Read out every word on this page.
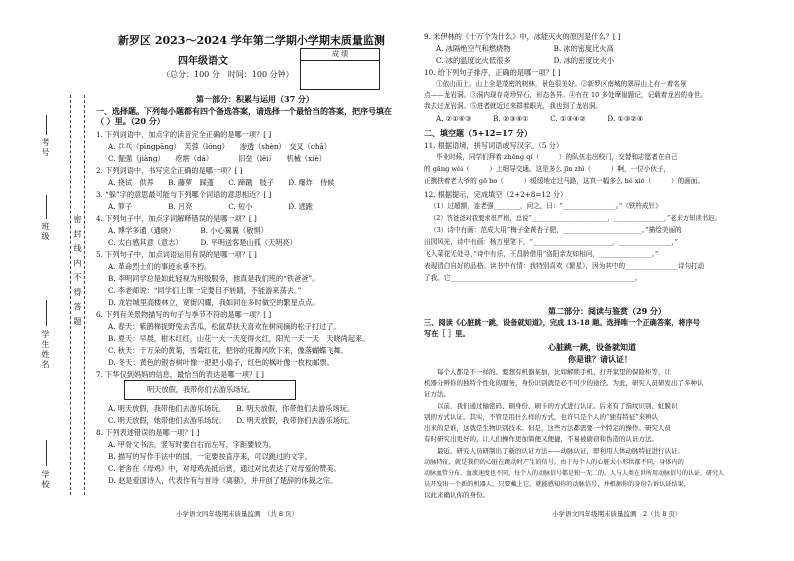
密 封 线 内 不 得 答 题
考号
班级
学生姓名
学校
新罗区 2023～2024 学年第二学期小学期末质量监测
四年级语文
成 绩
（总分：100 分　时间：100 分钟）
第一部分：积累与运用（37 分）
一、选择题。下列每小题都有四个备选答案，请选择一个最恰当的答案，把序号填在（ ）里。（20 分）
1. 下列词语中，加点字的读音完全正确的是哪一项？[ ]
A. 乒乓（pīngpāng）　芙蓉（lóng）　　渗透（shèn）　交叉（chā）
C. 倔强（jiàng）　　疙瘩（dá）　　　　旧垒（lěi）　　机械（xiè）
2. 下列词语中，书写完全正确的是哪一项？[ ]
A. 挠试　供养　　B. 藤萝　踩蓬　　C. 蹄蹴　肢子　　D. 爆炸　侍候
3. “躲”字的意思最可能与下列哪个词语的意思相近？[ ]
A. 箩子　　　　　B. 月亮　　　　　C. 短小　　　　　D. 逃跑
4. 下列句子中，加点字词解释错误的是哪一项？[ ]
A. 博学多通（通晓）　　　　B. 小心翼翼（敬惧）
C. 太白感其意（意志）　　　D. 平明送客楚山孤（天明亮）
5. 下列句子中，加点词语运用有误的是哪一项？[ ]
A. 革命烈士们的事迹永垂不朽。
B. 李明同学总是如此轻视为班级服务，他真是我们班的“铁爸爸”。
C. 李老师说：“同学们上课一定要目不转睛，不能游来荡去。”
D. 龙岩城里高楼林立，宽街闪耀，我如同在多时做空的繁星点点。
6. 下列有关景物描写的句子与季节不符的是哪一项？[ ]
A. 春天：紫鹊梯捉野兔去苦瓜，松鼠草扶天喜欢在树间摘的松子打过了。
B. 夏天：早晨，柑木红红，山花一大一天变得火红，阳光一天一天　天晓尚起来。
C. 秋天：千万朵的黄菊，雪菊红花，把你的花瓣风吹下来，像落蝴蝶飞舞。
D. 冬天：黄色的银杏树叶像一把把小扇子，红色的枫叶像一枚枚邮票。
7. 下华仅到妈妈的信息，最恰当的表达是哪一项？[ ]
明天放假，我带你们去游乐场玩。
A. 明天放假，我带他们去游乐场玩。　　B. 明天放假，你带他们去游乐场玩。
C. 明天放假，她带他们去游乐场玩。　　D. 明天放假，我带你们去游乐场玩。
8. 下列表述错误的是哪一项？[ ]
A. 甲骨文书法，竖写时要自右而左写，字距要较为。
B. 描写的写作手法中的国，一定要按直序来，可以跳过的文字。
C. 老舍在《母鸡》中，对母鸡先抵后赏，通过对比表达了对母爱的赞美。
D. 赵是爱国诗人，代表作有与首诗《离骚》，并开创了楚辞的体裁之宗。
小学语文四年级期末质量监测　（共 8 页）
9. 米伊林的《十万个为什么》中，冰能灭火的原因是什么？[ ]
A. 冰隔绝空气和燃烧物　　　　　　B. 冰的密度比火高
C. 冰的温度比火低很多　　　　　　D. 冰的密度比火小
10. 给下列句子排序，正确的是哪一项？[ ]
①依山而上，山上全是茂密的树林，景色很美好。②新罗区南城的翠屏山上有一着名景
点——龙岩洞。③洞内现存奇珍异石，形态各异。④有在 10 多处摩崖题记，记载着龙岩的身世。
我去过龙岩洞。⑤进者就近过来群着眼光，我也到了龙岩洞。
A. ②①④③　　　B. ②③④①　　　C. ①③④②　　　D. ①③②④
二、填空题（5+12=17 分）
11. 根据语境，拼写词语或写汉字。（5 分）
毕业时候，同学们拜着 zhēng qí（　　　）的队伍走出校门，交替和志愿者在自己
的 gāng wèi（　　　）上细导交通。这是多么 jīn zhì（　　　）啊，一位小伙子，
正携扶着老大爷的 gē bo（　　　）缓缓地走过马路，这真一幅多么 hé xié（　　　）的画面。
12. 根据提示，完成填空（2+2+8=12 分）
（1）过超额，连老强________，问之，曰：“________________。”《铁杵成针》
（2）答爸爸对我要求很严格，总说“________________________，________________，”老来方知读书迟。
（3）诗中有画：范成大用“梅子金黄杏子肥，________________________。”描绘美丽的
田园风光，诗中有画：杨万里笔下，“________________________，________________，”
飞入菜花无处寻，”诗中有乐，王昌龄借用“洛阳亲友如相问，________________。”
表现清白自好的品格。读书中有情：我特别喜欢《繁星》，因为其中的________________诗句打动
了我。它________________________________________________________。
第二部分：阅读与鉴赏（29 分）
三、阅读《心脏跳一跳，设备就知道》，完成 13-18 题。选择唯一个正确答案，将序号
写在［ ］里。
心脏跳一跳，设备就知道
你是谁？请认证！
　　每个人都是不一样的。要想有机器某加，比如解锁手机、打开家里的保险柜等，让
机器分辨你的独特个性化的服务，身份识别就是必不可少的途径。为此，研究人员研发出了多种认
证方法。
　　以前，我们通过输密码、刷身份、刷卡的方式进行认证。后来有了指纹识别、虹膜识
别的方式认证。其实，不管是用什么样的方式，也许只是个人的“独有特征”来辨认
出来的是谁，这就是生物识别技术。但是，这些方法都需要一个特定的操作。研究人员
有时研究出更好的，让人们操作更加简便又便捷，不易被偷窃和伪造的认证方法。
　　最近，研究人员研制出了新的认证方法——动脉认证，即利用人体动脉特征进行认证。
动脉特征，就是我们的心脏在跳动时产生的信号。由于每个人的心脏大小形状都不同，身体内的
动脉血管分布、血流速度也不同，每个人的动脉信号都是独一无二的。人与人类在世所用动脉信号的认证，研究人
员开发出一个新的机器人，只要戴上它，就能感知你的动脉信号，并根据你的身份告诉认证结果，
以此来确认你的身份。
小学语文四年级期末质量监测　2（共 8 页）
